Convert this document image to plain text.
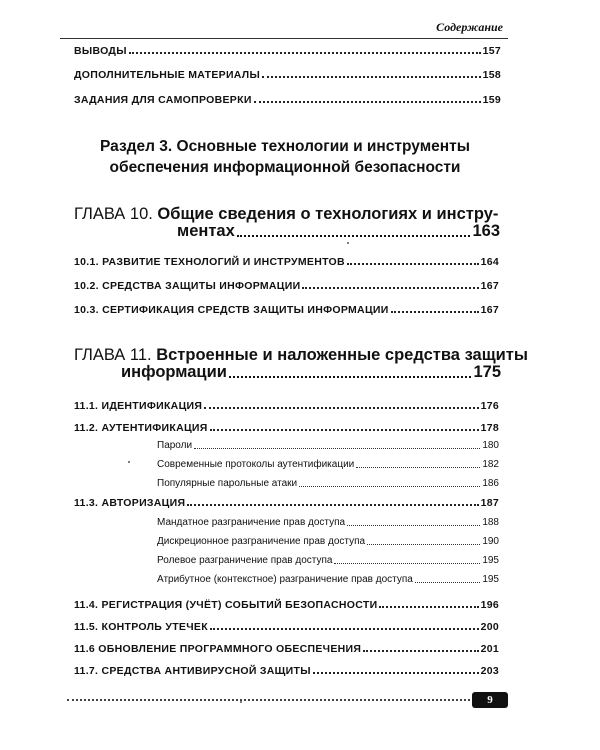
Содержание
ВЫВОДЫ	157
ДОПОЛНИТЕЛЬНЫЕ МАТЕРИАЛЫ	158
ЗАДАНИЯ ДЛЯ САМОПРОВЕРКИ	159
Раздел 3. Основные технологии и инструменты
обеспечения информационной безопасности
ГЛАВА 10. Общие сведения о технологиях и инстру-
ментах	163
10.1. РАЗВИТИЕ ТЕХНОЛОГИЙ И ИНСТРУМЕНТОВ	164
10.2. СРЕДСТВА ЗАЩИТЫ ИНФОРМАЦИИ	167
10.3. СЕРТИФИКАЦИЯ СРЕДСТВ ЗАЩИТЫ ИНФОРМАЦИИ	167
ГЛАВА 11. Встроенные и наложенные средства защиты
информации	175
11.1. ИДЕНТИФИКАЦИЯ	176
11.2. АУТЕНТИФИКАЦИЯ	178
Пароли	180
Современные протоколы аутентификации	182
Популярные парольные атаки	186
11.3. АВТОРИЗАЦИЯ	187
Мандатное разграничение прав доступа	188
Дискреционное разграничение прав доступа	190
Ролевое разграничение прав доступа	195
Атрибутное (контекстное) разграничение прав доступа	195
11.4. РЕГИСТРАЦИЯ (УЧЁТ) СОБЫТИЙ БЕЗОПАСНОСТИ	196
11.5. КОНТРОЛЬ УТЕЧЕК	200
11.6 ОБНОВЛЕНИЕ ПРОГРАММНОГО ОБЕСПЕЧЕНИЯ	201
11.7. СРЕДСТВА АНТИВИРУСНОЙ ЗАЩИТЫ	203
9
